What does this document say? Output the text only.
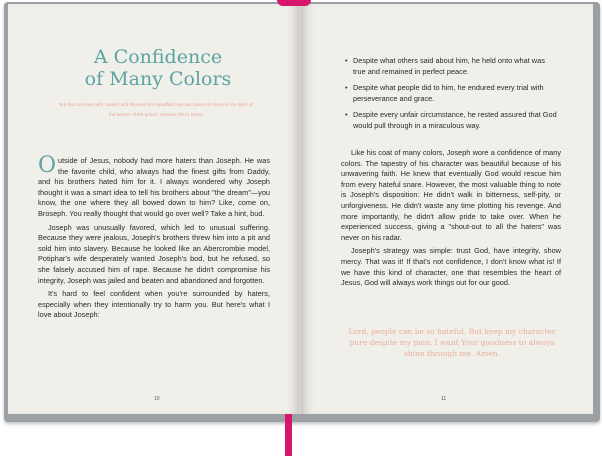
A Confidence
of Many Colors
But the Lord was with Joseph and showed him steadfast love and gave him favor in the sight of the keeper of the prison. Genesis 39:21 (ESV)

Outside of Jesus, nobody had more haters than Joseph. He was the favorite child, who always had the finest gifts from Daddy, and his brothers hated him for it. I always wondered why Joseph thought it was a smart idea to tell his brothers about "the dream"—you know, the one where they all bowed down to him? Like, come on, Broseph. You really thought that would go over well? Take a hint, bud.

Joseph was unusually favored, which led to unusual suffering. Because they were jealous, Joseph's brothers threw him into a pit and sold him into slavery. Because he looked like an Abercrombie model, Potiphar's wife desperately wanted Joseph's bod, but he refused, so she falsely accused him of rape. Because he didn't compromise his integrity, Joseph was jailed and beaten and abandoned and forgotten.

It's hard to feel confident when you're surrounded by haters, especially when they intentionally try to harm you. But here's what I love about Joseph:

10
• Despite what others said about him, he held onto what was true and remained in perfect peace.
• Despite what people did to him, he endured every trial with perseverance and grace.
• Despite every unfair circumstance, he rested assured that God would pull through in a miraculous way.

Like his coat of many colors, Joseph wore a confidence of many colors. The tapestry of his character was beautiful because of his unwavering faith. He knew that eventually God would rescue him from every hateful snare. However, the most valuable thing to note is Joseph's disposition: He didn't walk in bitterness, self-pity, or unforgiveness. He didn't waste any time plotting his revenge. And more importantly, he didn't allow pride to take over. When he experienced success, giving a "shout-out to all the haters" was never on his radar.

Joseph's strategy was simple: trust God, have integrity, show mercy. That was it! If that's not confidence, I don't know what is! If we have this kind of character, one that resembles the heart of Jesus, God will always work things out for our good.

Lord, people can be so hateful. But keep my character pure despite my pain. I want Your goodness to always shine through me. Amen.
11
